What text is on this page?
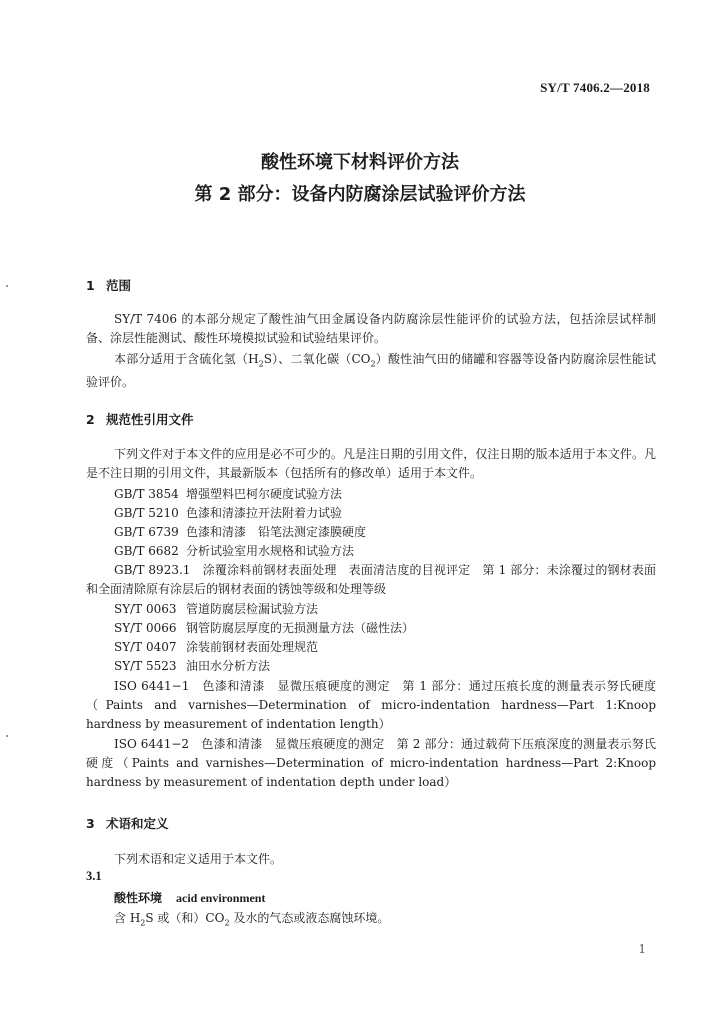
SY/T 7406.2—2018
酸性环境下材料评价方法
第 2 部分：设备内防腐涂层试验评价方法
1 范围
SY/T 7406 的本部分规定了酸性油气田金属设备内防腐涂层性能评价的试验方法，包括涂层试样制备、涂层性能测试、酸性环境模拟试验和试验结果评价。
本部分适用于含硫化氢$(H_2S)$、二氧化碳$(CO_2)$酸性油气田的储罐和容器等设备内防腐涂层性能试验评价。
2 规范性引用文件
下列文件对于本文件的应用是必不可少的。凡是注日期的引用文件，仅注日期的版本适用于本文件。凡是不注日期的引用文件，其最新版本（包括所有的修改单）适用于本文件。
GB/T 3854 增强塑料巴柯尔硬度试验方法
GB/T 5210 色漆和清漆拉开法附着力试验
GB/T 6739 色漆和清漆　铅笔法测定漆膜硬度
GB/T 6682 分析试验室用水规格和试验方法
GB/T 8923.1　涂覆涂料前钢材表面处理　表面清洁度的目视评定　第 1 部分：未涂覆过的钢材表面和全面清除原有涂层后的钢材表面的锈蚀等级和处理等级
SY/T 0063 管道防腐层检漏试验方法
SY/T 0066 钢管防腐层厚度的无损测量方法（磁性法）
SY/T 0407 涂装前钢材表面处理规范
SY/T 5523 油田水分析方法
ISO 6441−1　色漆和清漆　显微压痕硬度的测定　第 1 部分：通过压痕长度的测量表示努氏硬度（Paints and varnishes—Determination of micro-indentation hardness—Part 1:Knoop hardness by measurement of indentation length）
ISO 6441−2　色漆和清漆　显微压痕硬度的测定　第 2 部分：通过载荷下压痕深度的测量表示努氏硬度（Paints and varnishes—Determination of micro-indentation hardness—Part 2:Knoop hardness by measurement of indentation depth under load）
3 术语和定义
下列术语和定义适用于本文件。
3.1
酸性环境 acid environment
含 $H_2S$ 或（和）$CO_2$ 及水的气态或液态腐蚀环境。
1
